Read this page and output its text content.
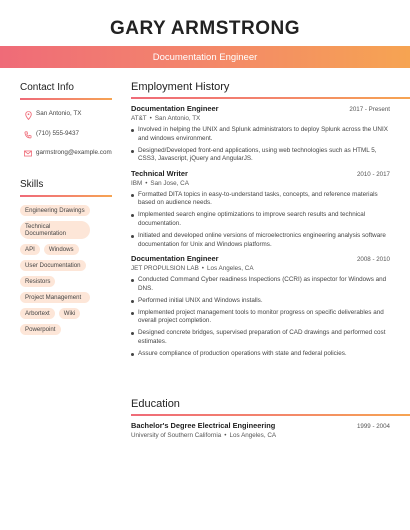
GARY ARMSTRONG
Documentation Engineer
Contact Info
San Antonio, TX
(710) 555-9437
garmstrong@example.com
Skills
Engineering Drawings
Technical Documentation
API	Windows
User Documentation
Resistors
Project Management
Arbortext	Wiki
Powerpoint
Employment History
Documentation Engineer	2017 - Present
AT&T • San Antonio, TX
Involved in helping the UNIX and Splunk administrators to deploy Splunk across the UNIX and windows environment.
Designed/Developed front-end applications, using web technologies such as HTML 5, CSS3, Javascript, jQuery and AngularJS.
Technical Writer	2010 - 2017
IBM • San Jose, CA
Formatted DITA topics in easy-to-understand tasks, concepts, and reference materials based on audience needs.
Implemented search engine optimizations to improve search results and technical documentation.
Initiated and developed online versions of microelectronics engineering analysis software documentation for Unix and Windows platforms.
Documentation Engineer	2008 - 2010
JET PROPULSION LAB • Los Angeles, CA
Conducted Command Cyber readiness Inspections (CCRI) as inspector for Windows and DNS.
Performed initial UNIX and Windows installs.
Implemented project management tools to monitor progress on specific deliverables and overall project completion.
Designed concrete bridges, supervised preparation of CAD drawings and performed cost estimates.
Assure compliance of production operations with state and federal policies.
Education
Bachelor's Degree Electrical Engineering	1999 - 2004
University of Southern California • Los Angeles, CA
